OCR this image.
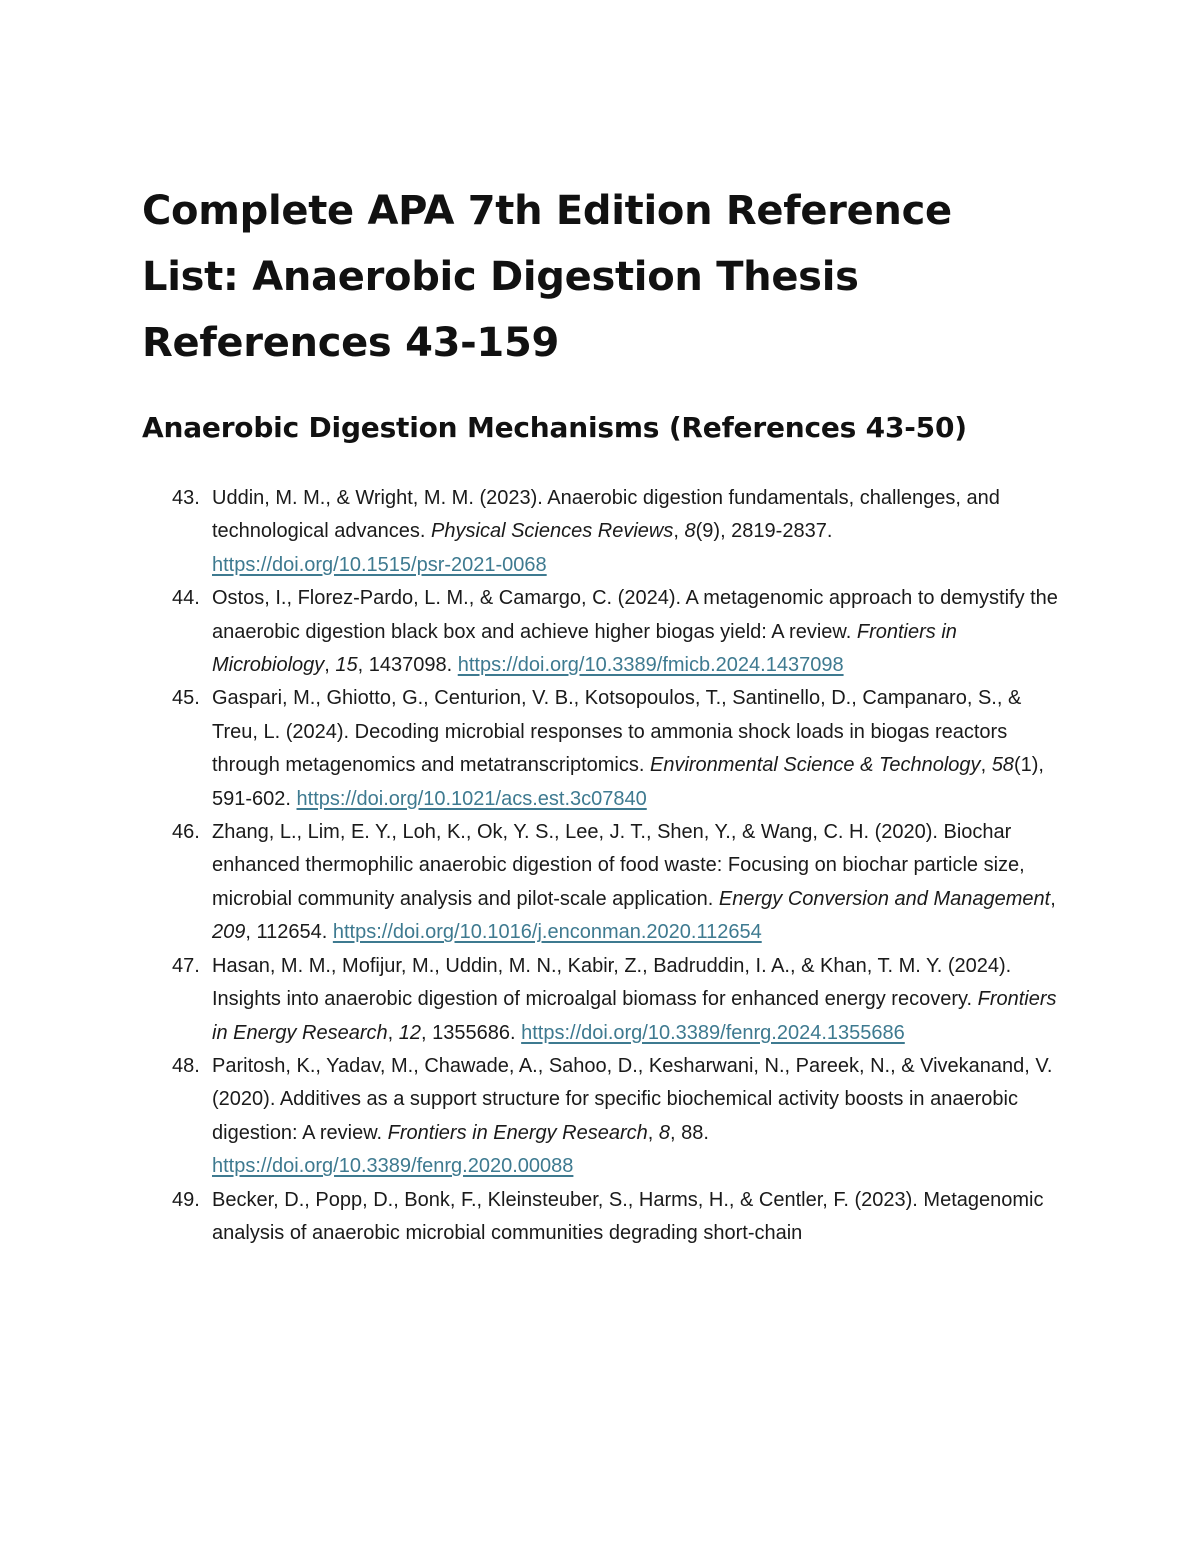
Complete APA 7th Edition Reference List: Anaerobic Digestion Thesis References 43-159
Anaerobic Digestion Mechanisms (References 43-50)
43. Uddin, M. M., & Wright, M. M. (2023). Anaerobic digestion fundamentals, challenges, and technological advances. Physical Sciences Reviews, 8(9), 2819-2837. https://doi.org/10.1515/psr-2021-0068
44. Ostos, I., Florez-Pardo, L. M., & Camargo, C. (2024). A metagenomic approach to demystify the anaerobic digestion black box and achieve higher biogas yield: A review. Frontiers in Microbiology, 15, 1437098. https://doi.org/10.3389/fmicb.2024.1437098
45. Gaspari, M., Ghiotto, G., Centurion, V. B., Kotsopoulos, T., Santinello, D., Campanaro, S., & Treu, L. (2024). Decoding microbial responses to ammonia shock loads in biogas reactors through metagenomics and metatranscriptomics. Environmental Science & Technology, 58(1), 591-602. https://doi.org/10.1021/acs.est.3c07840
46. Zhang, L., Lim, E. Y., Loh, K., Ok, Y. S., Lee, J. T., Shen, Y., & Wang, C. H. (2020). Biochar enhanced thermophilic anaerobic digestion of food waste: Focusing on biochar particle size, microbial community analysis and pilot-scale application. Energy Conversion and Management, 209, 112654. https://doi.org/10.1016/j.enconman.2020.112654
47. Hasan, M. M., Mofijur, M., Uddin, M. N., Kabir, Z., Badruddin, I. A., & Khan, T. M. Y. (2024). Insights into anaerobic digestion of microalgal biomass for enhanced energy recovery. Frontiers in Energy Research, 12, 1355686. https://doi.org/10.3389/fenrg.2024.1355686
48. Paritosh, K., Yadav, M., Chawade, A., Sahoo, D., Kesharwani, N., Pareek, N., & Vivekanand, V. (2020). Additives as a support structure for specific biochemical activity boosts in anaerobic digestion: A review. Frontiers in Energy Research, 8, 88. https://doi.org/10.3389/fenrg.2020.00088
49. Becker, D., Popp, D., Bonk, F., Kleinsteuber, S., Harms, H., & Centler, F. (2023). Metagenomic analysis of anaerobic microbial communities degrading short-chain
